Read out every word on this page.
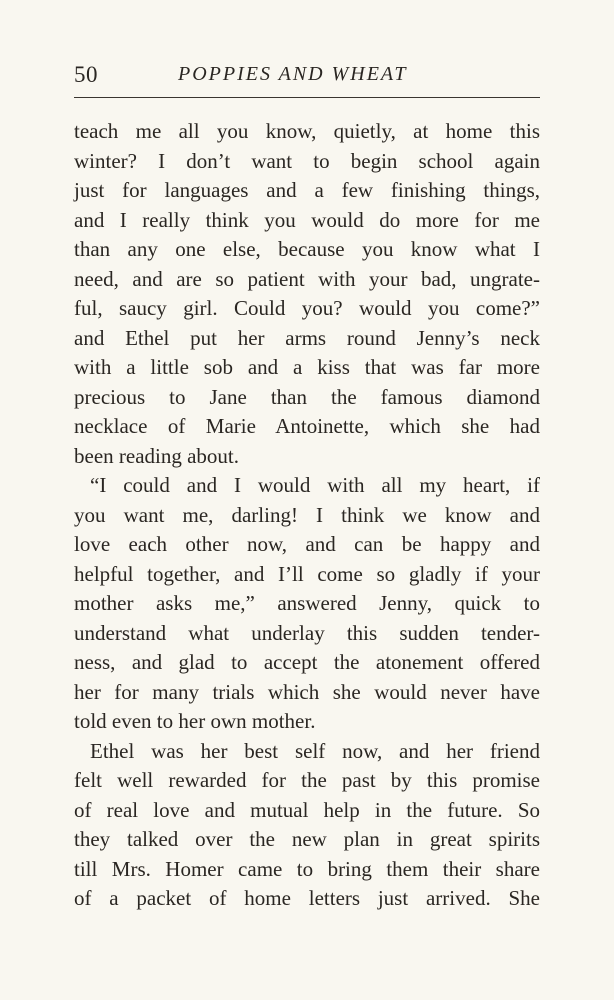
50	POPPIES AND WHEAT
teach me all you know, quietly, at home this
winter? I don’t want to begin school again
just for languages and a few finishing things,
and I really think you would do more for me
than any one else, because you know what I
need, and are so patient with your bad, ungrate-
ful, saucy girl. Could you? would you come?”
and Ethel put her arms round Jenny’s neck
with a little sob and a kiss that was far more
precious to Jane than the famous diamond
necklace of Marie Antoinette, which she had
been reading about.
“I could and I would with all my heart, if
you want me, darling! I think we know and
love each other now, and can be happy and
helpful together, and I’ll come so gladly if your
mother asks me,” answered Jenny, quick to
understand what underlay this sudden tender-
ness, and glad to accept the atonement offered
her for many trials which she would never have
told even to her own mother.
Ethel was her best self now, and her friend
felt well rewarded for the past by this promise
of real love and mutual help in the future. So
they talked over the new plan in great spirits
till Mrs. Homer came to bring them their share
of a packet of home letters just arrived. She
